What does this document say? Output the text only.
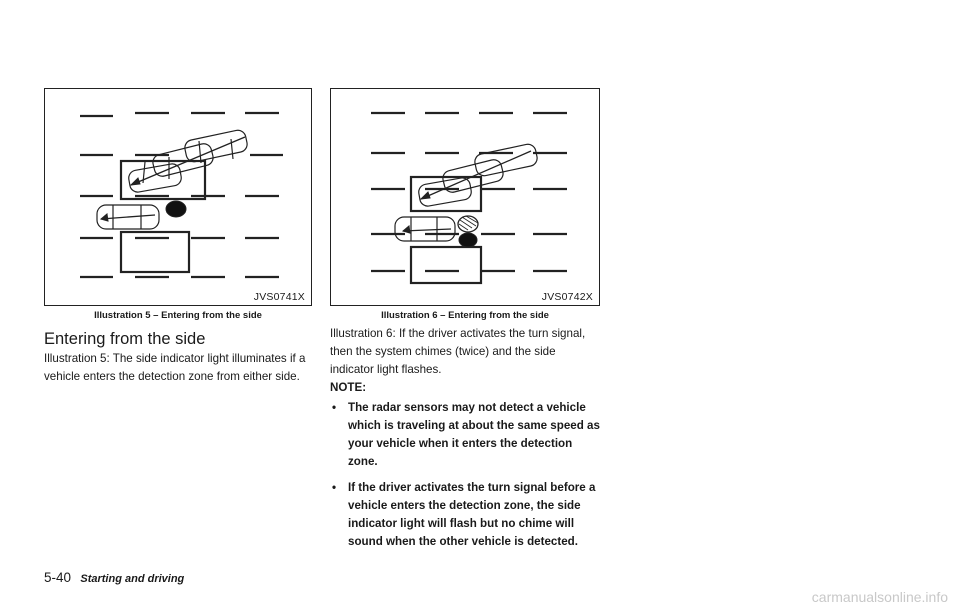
JVS0741X
Illustration 5 – Entering from the side
JVS0742X
Illustration 6 – Entering from the side
Entering from the side
Illustration 5: The side indicator light illuminates if a vehicle enters the detection zone from either side.
Illustration 6: If the driver activates the turn signal, then the system chimes (twice) and the side indicator light flashes.
NOTE:
• The radar sensors may not detect a vehicle which is traveling at about the same speed as your vehicle when it enters the detection zone.
• If the driver activates the turn signal before a vehicle enters the detection zone, the side indicator light will flash but no chime will sound when the other vehicle is detected.
5-40 Starting and driving
carmanualsonline.info
